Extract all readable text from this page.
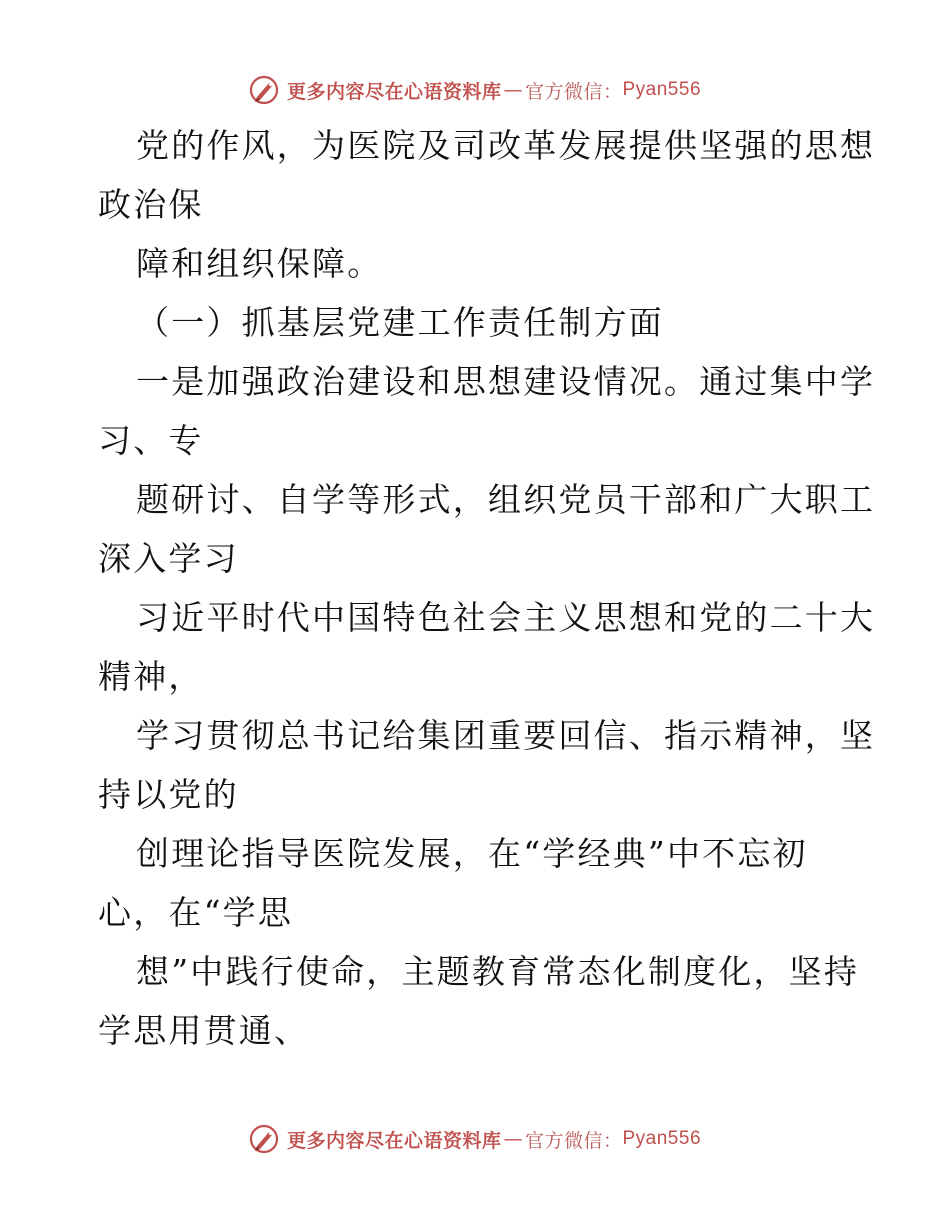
更多内容尽在心语资料库 — 官方微信： Pyan556
党的作风，为医院及司改革发展提供坚强的思想
政治保
障和组织保障。
（一）抓基层党建工作责任制方面
一是加强政治建设和思想建设情况。通过集中学
习、专
题研讨、自学等形式，组织党员干部和广大职工
深入学习
习近平时代中国特色社会主义思想和党的二十大
精神，
学习贯彻总书记给集团重要回信、指示精神，坚
持以党的
创理论指导医院发展，在“学经典”中不忘初
心，在“学思
想”中践行使命，主题教育常态化制度化，坚持
学思用贯通、
更多内容尽在心语资料库 — 官方微信： Pyan556
